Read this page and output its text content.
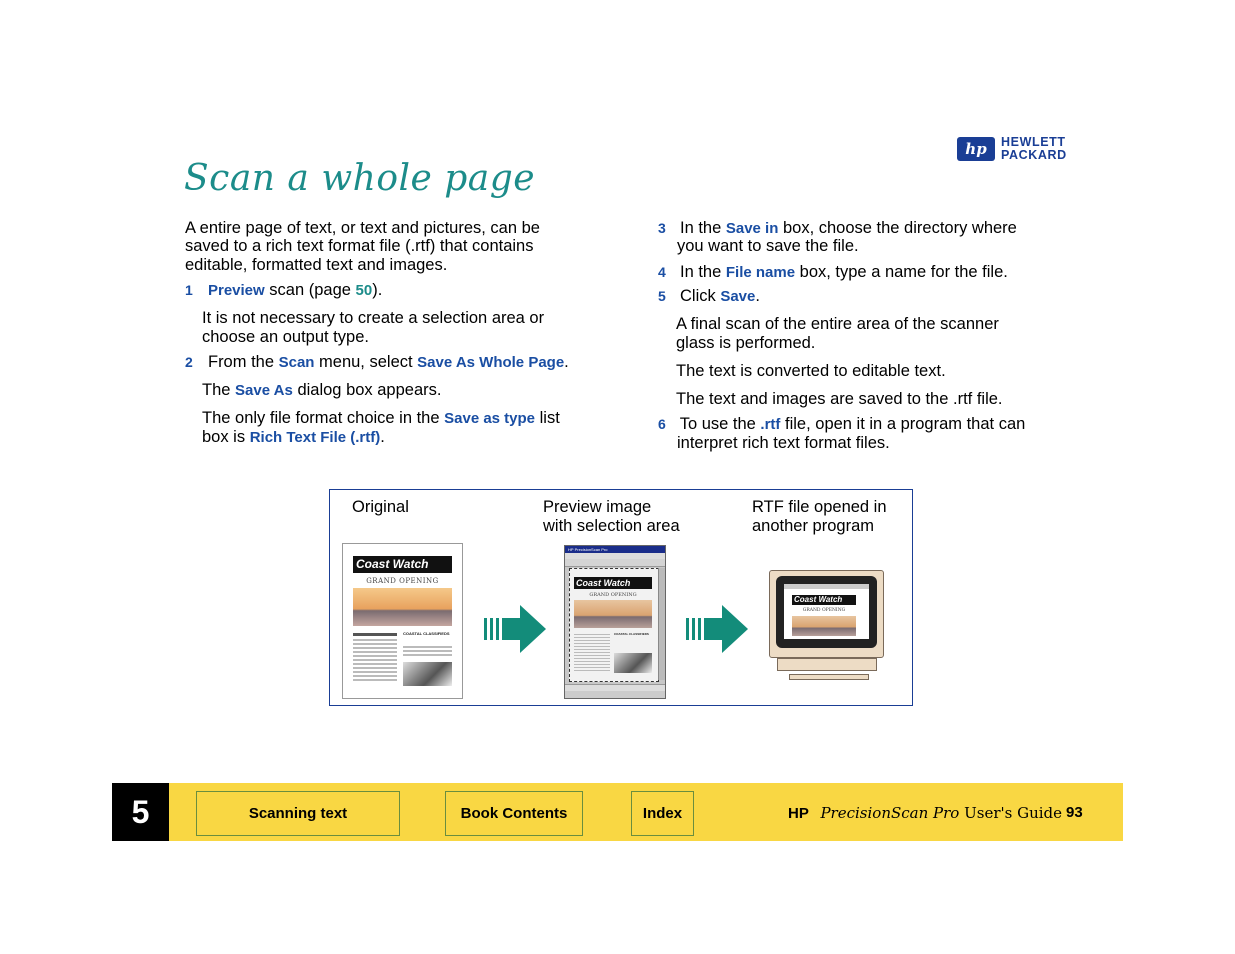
Scan a whole page
hp	HEWLETT
PACKARD
A entire page of text, or text and pictures, can be
saved to a rich text format file (.rtf) that contains
editable, formatted text and images.
1 Preview scan (page 50).
It is not necessary to create a selection area or
choose an output type.
2 From the Scan menu, select Save As Whole Page.
The Save As dialog box appears.
The only file format choice in the Save as type list
box is Rich Text File (.rtf).
3 In the Save in box, choose the directory where
you want to save the file.
4 In the File name box, type a name for the file.
5 Click Save.
A final scan of the entire area of the scanner
glass is performed.
The text is converted to editable text.
The text and images are saved to the .rtf file.
6 To use the .rtf file, open it in a program that can
interpret rich text format files.
Original	Preview image
with selection area
RTF file opened in
another program
Coast Watch
GRAND OPENING
COASTAL CLASSIFIEDS
HP PrecisionScan Pro
Coast Watch
GRAND OPENING
COASTAL CLASSIFIEDS
Coast Watch
GRAND OPENING
5	Scanning text	Book Contents	Index	HP PrecisionScan Pro User's Guide 93
